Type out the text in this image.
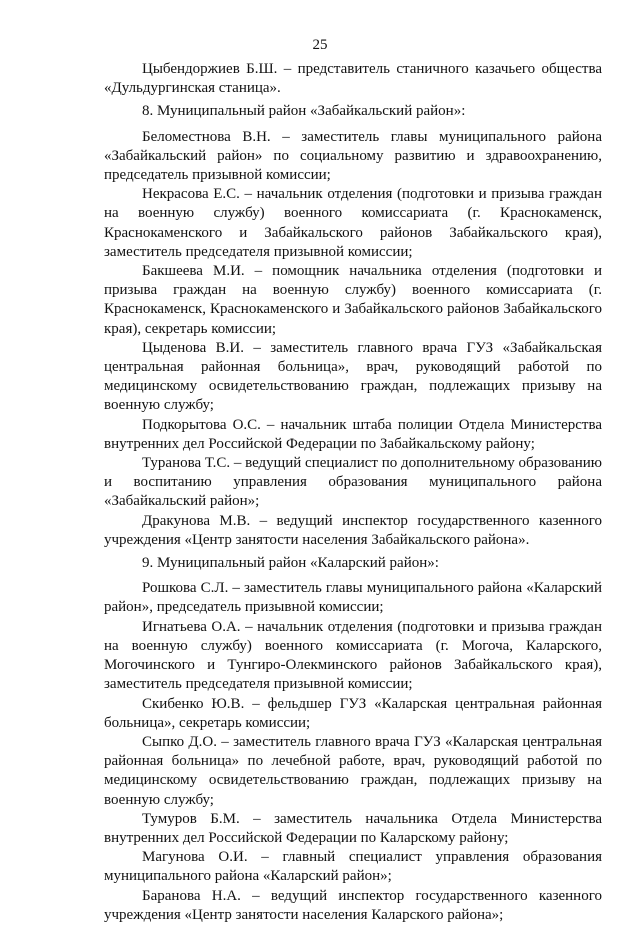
25

Цыбендоржиев Б.Ш. – представитель станичного казачьего общества «Дульдургинская станица».

8. Муниципальный район «Забайкальский район»:

Беломестнова В.Н. – заместитель главы муниципального района «Забайкальский район» по социальному развитию и здравоохранению, председатель призывной комиссии;

Некрасова Е.С. – начальник отделения (подготовки и призыва граждан на военную службу) военного комиссариата (г. Краснокаменск, Краснокаменского и Забайкальского районов Забайкальского края), заместитель председателя призывной комиссии;

Бакшеева М.И. – помощник начальника отделения (подготовки и призыва граждан на военную службу) военного комиссариата (г. Краснокаменск, Краснокаменского и Забайкальского районов Забайкальского края), секретарь комиссии;

Цыденова В.И. – заместитель главного врача ГУЗ «Забайкальская центральная районная больница», врач, руководящий работой по медицинскому освидетельствованию граждан, подлежащих призыву на военную службу;

Подкорытова О.С. – начальник штаба полиции Отдела Министерства внутренних дел Российской Федерации по Забайкальскому району;

Туранова Т.С. – ведущий специалист по дополнительному образованию и воспитанию управления образования муниципального района «Забайкальский район»;

Дракунова М.В. – ведущий инспектор государственного казенного учреждения «Центр занятости населения Забайкальского района».

9. Муниципальный район «Каларский район»:

Рошкова С.Л. – заместитель главы муниципального района «Каларский район», председатель призывной комиссии;

Игнатьева О.А. – начальник отделения (подготовки и призыва граждан на военную службу) военного комиссариата (г. Могоча, Каларского, Могочинского и Тунгиро-Олекминского районов Забайкальского края), заместитель председателя призывной комиссии;

Скибенко Ю.В. – фельдшер ГУЗ «Каларская центральная районная больница», секретарь комиссии;

Сыпко Д.О. – заместитель главного врача ГУЗ «Каларская центральная районная больница» по лечебной работе, врач, руководящий работой по медицинскому освидетельствованию граждан, подлежащих призыву на военную службу;

Тумуров Б.М. – заместитель начальника Отдела Министерства внутренних дел Российской Федерации по Каларскому району;

Магунова О.И. – главный специалист управления образования муниципального района «Каларский район»;

Баранова Н.А. – ведущий инспектор государственного казенного учреждения «Центр занятости населения Каларского района»;
